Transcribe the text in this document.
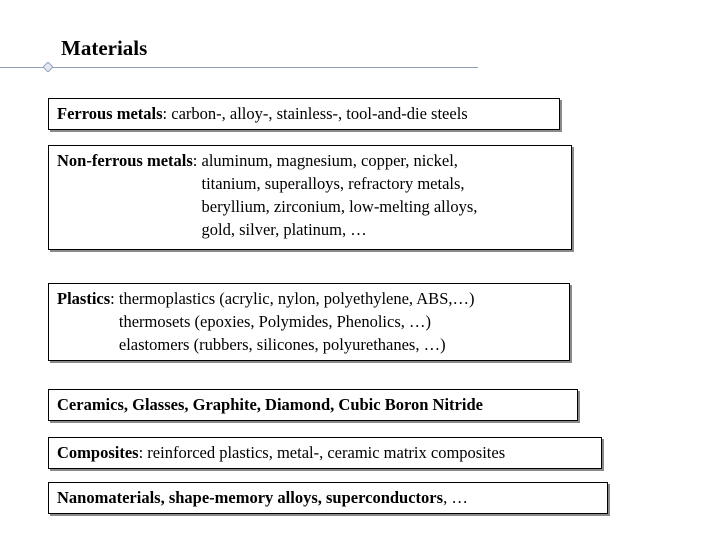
Materials
Ferrous metals: carbon-, alloy-, stainless-, tool-and-die steels
Non-ferrous metals : aluminum, magnesium, copper, nickel,
titanium, superalloys, refractory metals,
beryllium, zirconium, low-melting alloys,
gold, silver, platinum, …
Plastics : thermoplastics (acrylic, nylon, polyethylene, ABS,…)
thermosets (epoxies, Polymides, Phenolics, …)
elastomers (rubbers, silicones, polyurethanes, …)
Ceramics, Glasses, Graphite, Diamond, Cubic Boron Nitride
Composites: reinforced plastics, metal-, ceramic matrix composites
Nanomaterials, shape-memory alloys, superconductors, …
